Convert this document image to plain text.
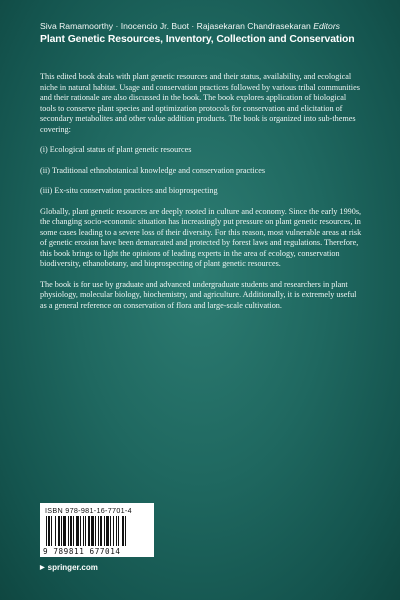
Siva Ramamoorthy · Inocencio Jr. Buot · Rajasekaran Chandrasekaran Editors
Plant Genetic Resources, Inventory, Collection and Conservation

This edited book deals with plant genetic resources and their status, availability, and ecological niche in natural habitat. Usage and conservation practices followed by various tribal communities and their rationale are also discussed in the book. The book explores application of biological tools to conserve plant species and optimization protocols for conservation and elicitation of secondary metabolites and other value addition products. The book is organized into sub-themes covering:

(i) Ecological status of plant genetic resources

(ii) Traditional ethnobotanical knowledge and conservation practices

(iii) Ex-situ conservation practices and bioprospecting

Globally, plant genetic resources are deeply rooted in culture and economy. Since the early 1990s, the changing socio-economic situation has increasingly put pressure on plant genetic resources, in some cases leading to a severe loss of their diversity. For this reason, most vulnerable areas at risk of genetic erosion have been demarcated and protected by forest laws and regulations. Therefore, this book brings to light the opinions of leading experts in the area of ecology, conservation biodiversity, ethanobotany, and bioprospecting of plant genetic resources.

The book is for use by graduate and advanced undergraduate students and researchers in plant physiology, molecular biology, biochemistry, and agriculture. Additionally, it is extremely useful as a general reference on conservation of flora and large-scale cultivation.

ISBN 978-981-16-7701-4
9 789811 677014
▶ springer.com
